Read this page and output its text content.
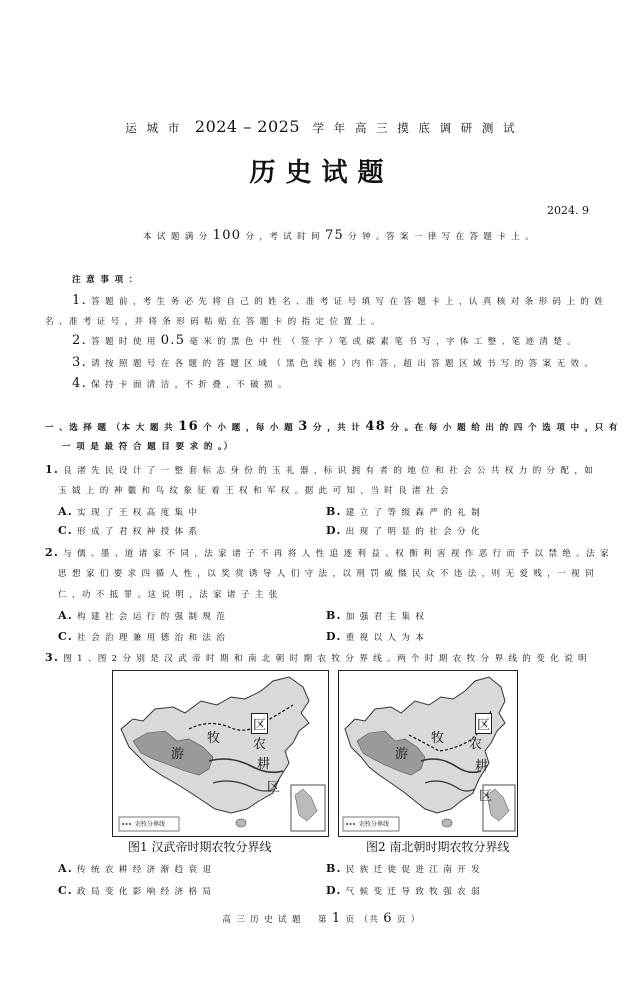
运 城 市 2024 – 2025 学 年 高 三 摸 底 调 研 测 试
历史试题
2024. 9
本 试 题 满 分 100 分 ，考 试 时 间 75 分 钟 。答 案 一 律 写 在 答 题 卡 上 。
注 意 事 项 ：
1. 答 题 前 ，考 生 务 必 先 将 自 己 的 姓 名 、准 考 证 号 填 写 在 答 题 卡 上 ，认 真 核 对 条 形 码 上 的 姓
名 、准 考 证 号 ，并 将 条 形 码 粘 贴 在 答 题 卡 的 指 定 位 置 上 。
2. 答 题 时 使 用 0.5 毫 米 的 黑 色 中 性 （ 签 字 ）笔 或 碳 素 笔 书 写 ，字 体 工 整 、笔 迹 清 楚 。
3. 请 按 照 题 号 在 各 题 的 答 题 区 域 （ 黑 色 线 框 ）内 作 答 ，超 出 答 题 区 域 书 写 的 答 案 无 效 。
4. 保 持 卡 面 清 洁 ，不 折 叠 ，不 破 损 。
一 、选 择 题 （本 大 题 共 16 个 小 题 ，每 小 题 3 分 ，共 计 48 分 。在 每 小 题 给 出 的 四 个 选 项 中 ，只 有
一 项 是 最 符 合 题 目 要 求 的 。）
1. 良 渚 先 民 设 计 了 一 整 套 标 志 身 份 的 玉 礼 器 ，标 识 拥 有 者 的 地 位 和 社 会 公 共 权 力 的 分 配 ，如
玉 钺 上 的 神 徽 和 鸟 纹 象 征 着 王 权 和 军 权 。据 此 可 知 ，当 时 良 渚 社 会
A. 实 现 了 王 权 高 度 集 中	B. 建 立 了 等 级 森 严 的 礼 制
C. 形 成 了 君 权 神 授 体 系	D. 出 现 了 明 显 的 社 会 分 化
2. 与 儒 、墨 、道 诸 家 不 同 ，法 家 诸 子 不 再 将 人 性 追 逐 利 益 、权 衡 利 害 视 作 恶 行 而 予 以 禁 绝 。法 家
思 想 家 们 要 求 四 循 人 性 ，以 奖 赏 诱 导 人 们 守 法 ，以 刑 罚 威 慑 民 众 不 违 法 ，则 无 爱 贱 ，一 视 同
仁 ，功 不 抵 罪 。这 说 明 ，法 家 诸 子 主 张
A. 构 建 社 会 运 行 的 强 制 规 范	B. 加 强 君 主 集 权
C. 社 会 治 理 兼 用 德 治 和 法 治	D. 重 视 以 人 为 本
3. 图 1 、图 2 分 别 是 汉 武 帝 时 期 和 南 北 朝 时 期 农 牧 分 界 线 。两 个 时 期 农 牧 分 界 线 的 变 化 说 明
农牧分界线
游
牧
区
农
耕
区
图1 汉武帝时期农牧分界线
农牧分界线
游
牧
区
农
耕
区
图2 南北朝时期农牧分界线
A. 传 统 农 耕 经 济 渐 趋 衰 退	B. 民 族 迁 徙 促 进 江 南 开 发
C. 政 局 变 化 影 响 经 济 格 局	D. 气 候 变 迁 导 致 牧 强 农 弱
高 三 历 史 试 题 第 1 页 （共 6 页 ）
